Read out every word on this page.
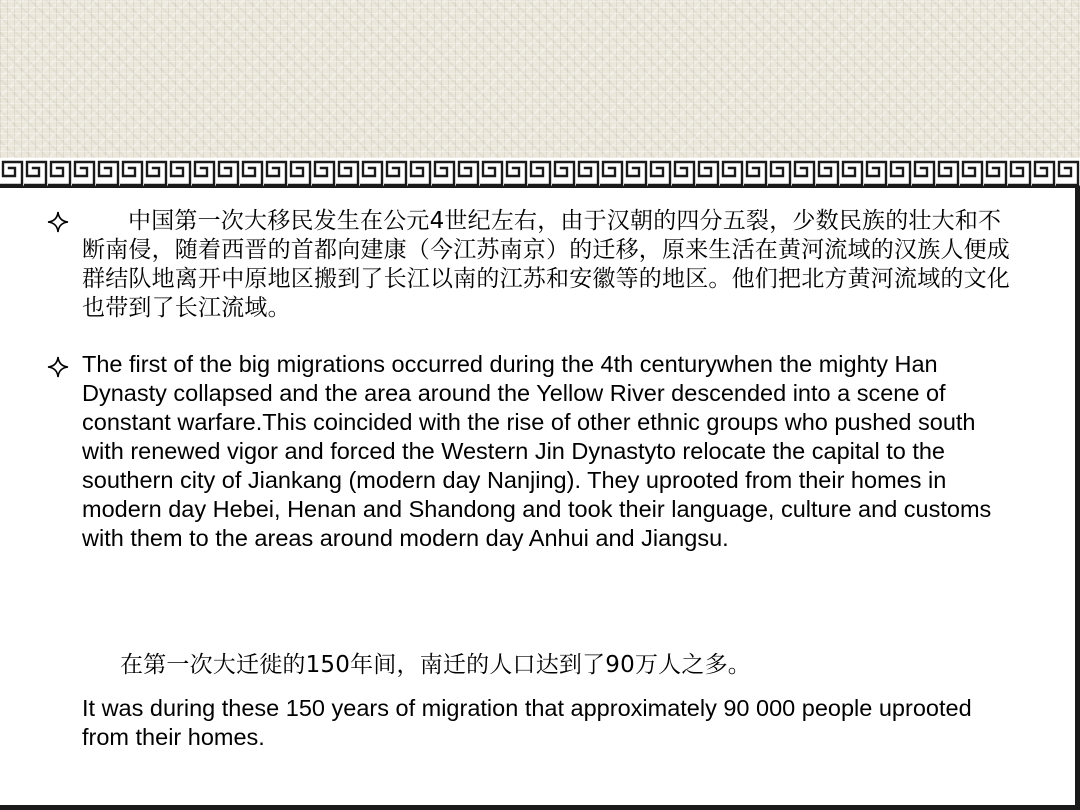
中国第一次大移民发生在公元4世纪左右，由于汉朝的四分五裂，少数民族的壮大和不断南侵，随着西晋的首都向建康（今江苏南京）的迁移，原来生活在黄河流域的汉族人便成群结队地离开中原地区搬到了长江以南的江苏和安徽等的地区。他们把北方黄河流域的文化也带到了长江流域。

The first of the big migrations occurred during the 4th centurywhen the mighty Han Dynasty collapsed and the area around the Yellow River descended into a scene of constant warfare.This coincided with the rise of other ethnic groups who pushed south with renewed vigor and forced the Western Jin Dynastyto relocate the capital to the southern city of Jiankang (modern day Nanjing). They uprooted from their homes in modern day Hebei, Henan and Shandong and took their language, culture and customs with them to the areas around modern day Anhui and Jiangsu.

在第一次大迁徙的150年间，南迁的人口达到了90万人之多。

It was during these 150 years of migration that approximately 90 000 people uprooted from their homes.
